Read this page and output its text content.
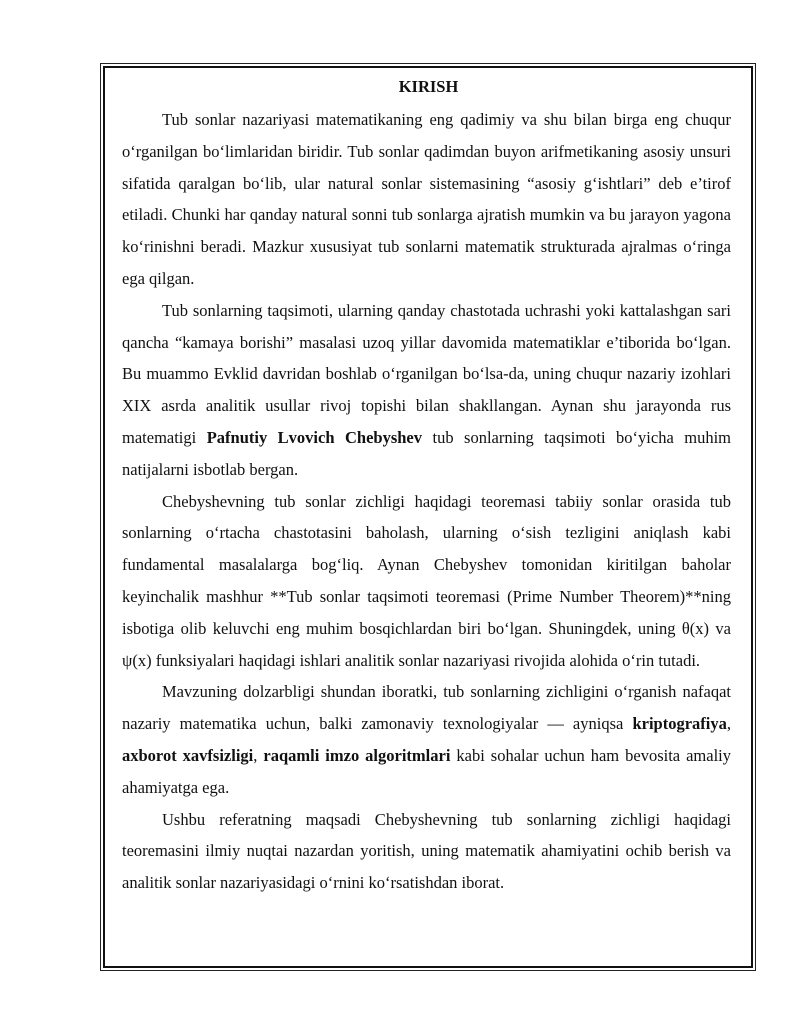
KIRISH

Tub sonlar nazariyasi matematikaning eng qadimiy va shu bilan birga eng chuqur o‘rganilgan bo‘limlaridan biridir. Tub sonlar qadimdan buyon arifmetikaning asosiy unsuri sifatida qaralgan bo‘lib, ular natural sonlar sistemasining “asosiy g‘ishtlari” deb e’tirof etiladi. Chunki har qanday natural sonni tub sonlarga ajratish mumkin va bu jarayon yagona ko‘rinishni beradi. Mazkur xususiyat tub sonlarni matematik strukturada ajralmas o‘ringa ega qilgan.

Tub sonlarning taqsimoti, ularning qanday chastotada uchrashi yoki kattalashgan sari qancha “kamaya borishi” masalasi uzoq yillar davomida matematiklar e’tiborida bo‘lgan. Bu muammo Evklid davridan boshlab o‘rganilgan bo‘lsa-da, uning chuqur nazariy izohlari XIX asrda analitik usullar rivoj topishi bilan shakllangan. Aynan shu jarayonda rus matematigi Pafnutiy Lvovich Chebyshev tub sonlarning taqsimoti bo‘yicha muhim natijalarni isbotlab bergan.

Chebyshevning tub sonlar zichligi haqidagi teoremasi tabiiy sonlar orasida tub sonlarning o‘rtacha chastotasini baholash, ularning o‘sish tezligini aniqlash kabi fundamental masalalarga bog‘liq. Aynan Chebyshev tomonidan kiritilgan baholar keyinchalik mashhur **Tub sonlar taqsimoti teoremasi (Prime Number Theorem)**ning isbotiga olib keluvchi eng muhim bosqichlardan biri bo‘lgan. Shuningdek, uning θ(x) va ψ(x) funksiyalari haqidagi ishlari analitik sonlar nazariyasi rivojida alohida o‘rin tutadi.

Mavzuning dolzarbligi shundan iboratki, tub sonlarning zichligini o‘rganish nafaqat nazariy matematika uchun, balki zamonaviy texnologiyalar — ayniqsa kriptografiya, axborot xavfsizligi, raqamli imzo algoritmlari kabi sohalar uchun ham bevosita amaliy ahamiyatga ega.

Ushbu referatning maqsadi Chebyshevning tub sonlarning zichligi haqidagi teoremasini ilmiy nuqtai nazardan yoritish, uning matematik ahamiyatini ochib berish va analitik sonlar nazariyasidagi o‘rnini ko‘rsatishdan iborat.
